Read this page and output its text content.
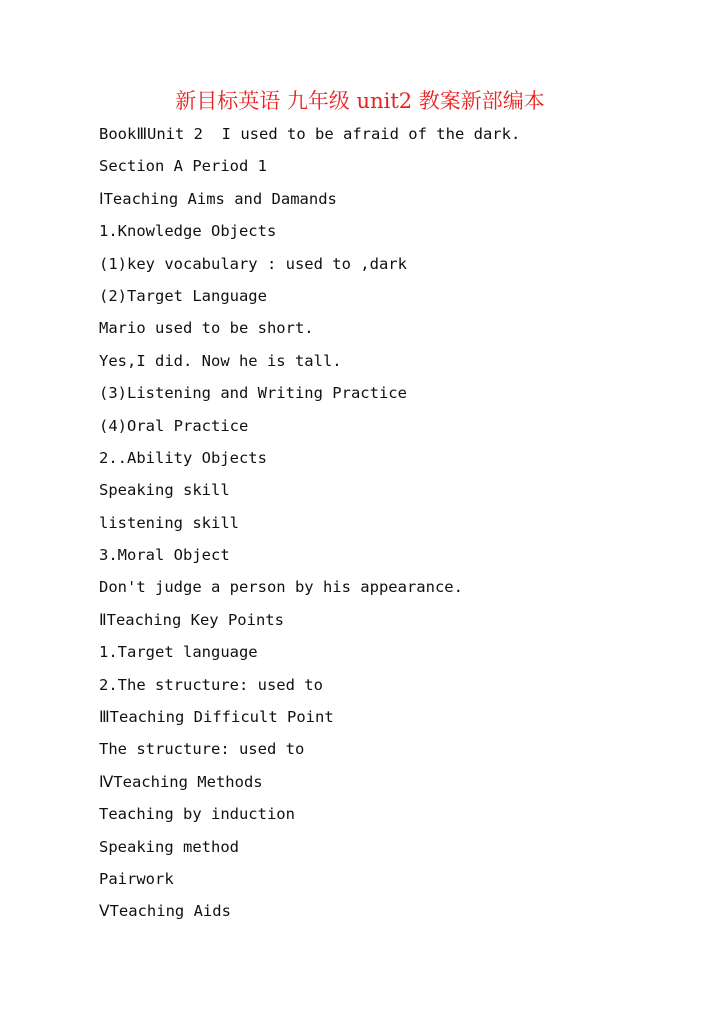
新目标英语 九年级 unit2 教案新部编本
BookⅢUnit 2  I used to be afraid of the dark.
Section A Period 1
ⅠTeaching Aims and Damands
1.Knowledge Objects
(1)key vocabulary : used to ,dark
(2)Target Language
Mario used to be short.
Yes,I did. Now he is tall.
(3)Listening and Writing Practice
(4)Oral Practice
2..Ability Objects
Speaking skill
listening skill
3.Moral Object
Don't judge a person by his appearance.
ⅡTeaching Key Points
1.Target language
2.The structure: used to
ⅢTeaching Difficult Point
The structure: used to
ⅣTeaching Methods
Teaching by induction
Speaking method
Pairwork
ⅤTeaching Aids
